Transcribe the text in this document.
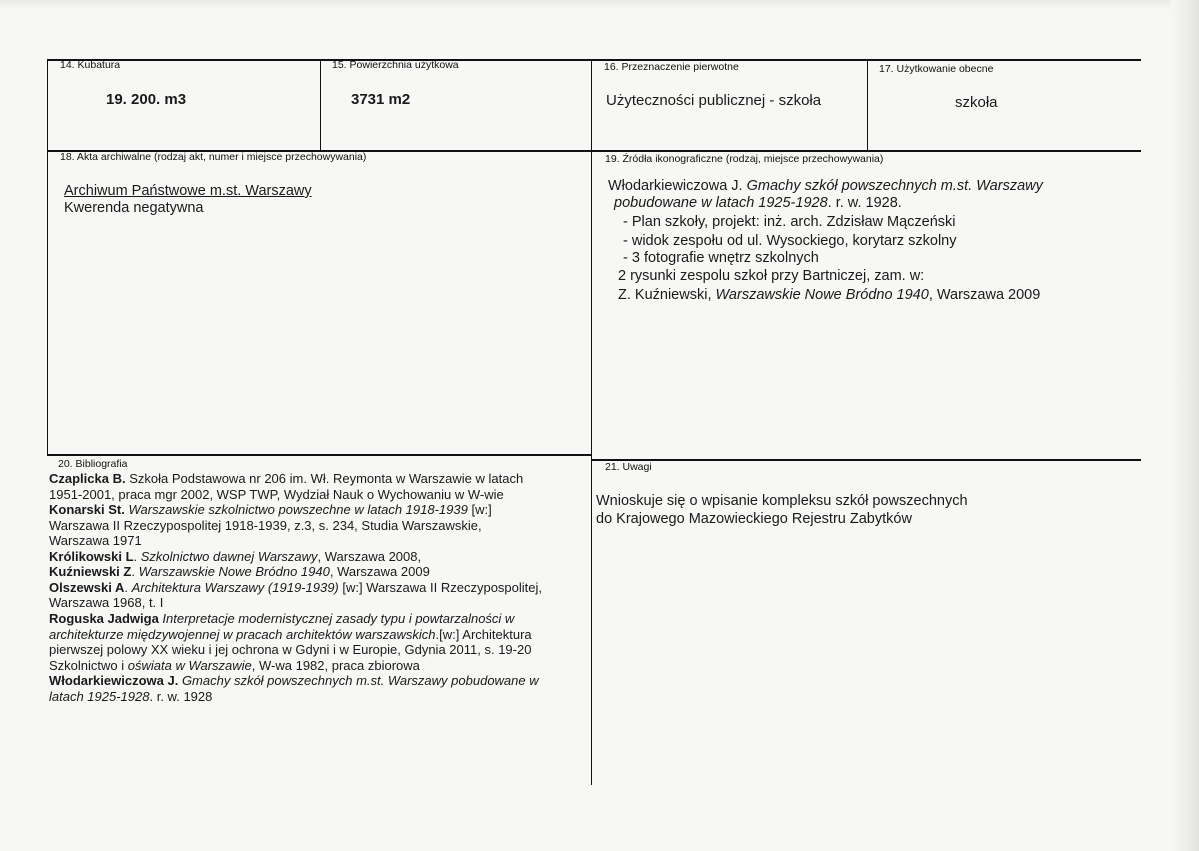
14. Kubatura
19. 200. m3
15. Powierzchnia użytkowa
3731 m2
16. Przeznaczenie pierwotne
Użyteczności publicznej - szkoła
17. Użytkowanie obecne
szkoła
18. Akta archiwalne (rodzaj akt, numer i miejsce przechowywania)
Archiwum Państwowe m.st. Warszawy
Kwerenda negatywna
19. Źródła ikonograficzne (rodzaj, miejsce przechowywania)
Włodarkiewiczowa J. Gmachy szkół powszechnych m.st. Warszawy
pobudowane w latach 1925-1928. r. w. 1928.
- Plan szkoły, projekt: inż. arch. Zdzisław Mączeński
- widok zespołu od ul. Wysockiego, korytarz szkolny
- 3 fotografie wnętrz szkolnych
2 rysunki zespolu szkoł przy Bartniczej, zam. w:
Z. Kuźniewski, Warszawskie Nowe Bródno 1940, Warszawa 2009
20. Bibliografia
Czaplicka B. Szkoła Podstawowa nr 206 im. Wł. Reymonta w Warszawie w latach
1951-2001, praca mgr 2002, WSP TWP, Wydział Nauk o Wychowaniu w W-wie
Konarski St. Warszawskie szkolnictwo powszechne w latach 1918-1939 [w:]
Warszawa II Rzeczypospolitej 1918-1939, z.3, s. 234, Studia Warszawskie,
Warszawa 1971
Królikowski L. Szkolnictwo dawnej Warszawy, Warszawa 2008,
Kuźniewski Z. Warszawskie Nowe Bródno 1940, Warszawa 2009
Olszewski A. Architektura Warszawy (1919-1939) [w:] Warszawa II Rzeczypospolitej,
Warszawa 1968, t. I
Roguska Jadwiga Interpretacje modernistycznej zasady typu i powtarzalności w
architekturze międzywojennej w pracach architektów warszawskich.[w:] Architektura
pierwszej polowy XX wieku i jej ochrona w Gdyni i w Europie, Gdynia 2011, s. 19-20
Szkolnictwo i oświata w Warszawie, W-wa 1982, praca zbiorowa
Włodarkiewiczowa J. Gmachy szkół powszechnych m.st. Warszawy pobudowane w
latach 1925-1928. r. w. 1928
21. Uwagi
Wnioskuje się o wpisanie kompleksu szkół powszechnych
do Krajowego Mazowieckiego Rejestru Zabytków
